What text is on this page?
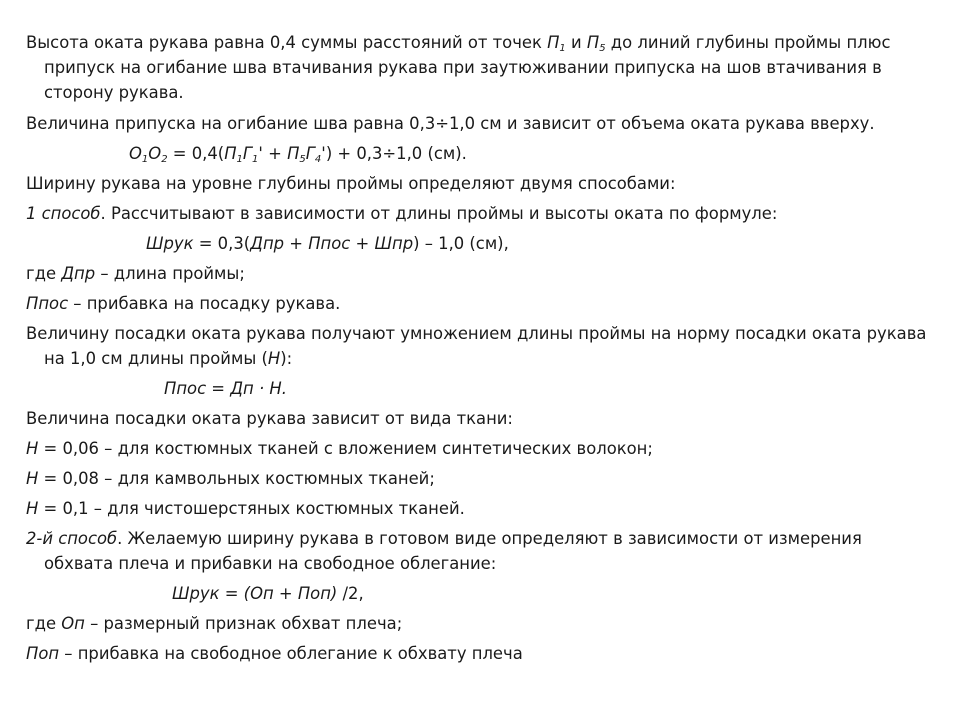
Высота оката рукава равна 0,4 суммы расстояний от точек $П_1$ и $П_5$ до линий глубины проймы плюс припуск на огибание шва втачивания рукава при заутюживании припуска на шов втачивания в сторону рукава.

Величина припуска на огибание шва равна 0,3÷1,0 см и зависит от объема оката рукава вверху.

$О_1О_2 = 0,4(П_1Г_1' + П_5Г_4') + 0,3\div 1,0$ (см).

Ширину рукава на уровне глубины проймы определяют двумя способами:

1 способ. Рассчитывают в зависимости от длины проймы и высоты оката по формуле:

Шрук = 0,3(Дпр + Ппос + Шпр) – 1,0 (см),

где Дпр – длина проймы;

Ппос – прибавка на посадку рукава.

Величину посадки оката рукава получают умножением длины проймы на норму посадки оката рукава на 1,0 см длины проймы (Н):

Ппос = Дп · Н.

Величина посадки оката рукава зависит от вида ткани:

Н = 0,06 – для костюмных тканей с вложением синтетических волокон;

Н = 0,08 – для камвольных костюмных тканей;

Н = 0,1 – для чистошерстяных костюмных тканей.

2-й способ. Желаемую ширину рукава в готовом виде определяют в зависимости от измерения обхвата плеча и прибавки на свободное облегание:

Шрук = (Оп + Поп) /2,

где Оп – размерный признак обхват плеча;

Поп – прибавка на свободное облегание к обхвату плеча
